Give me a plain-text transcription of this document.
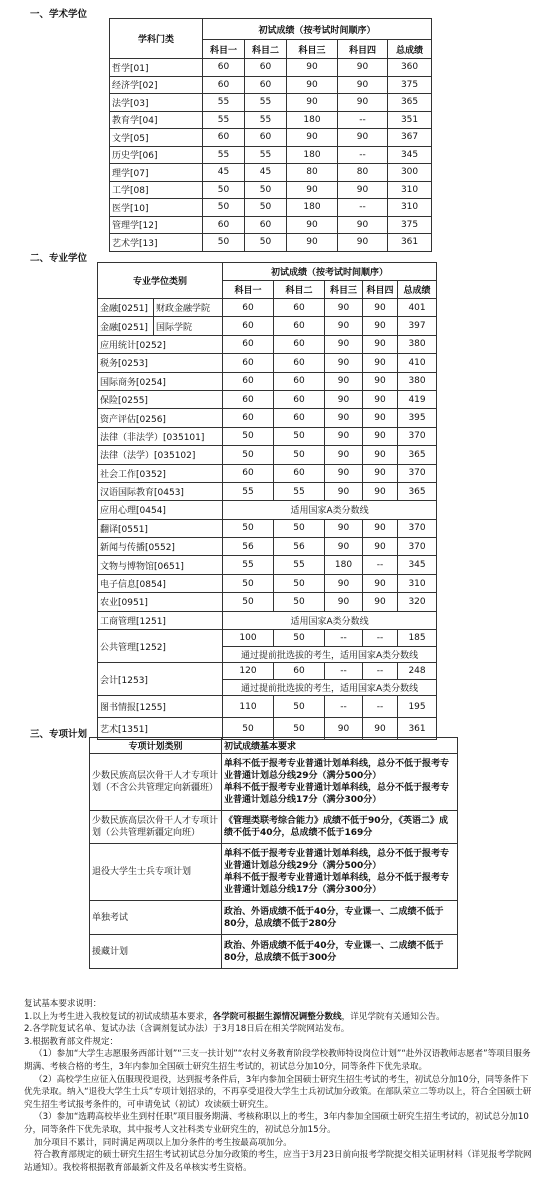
一、学术学位
学科门类	初试成绩（按考试时间顺序）				
	科目一	科目二	科目三	科目四	总成绩
哲学[01]	60	60	90	90	360
经济学[02]	60	60	90	90	375
法学[03]	55	55	90	90	365
教育学[04]	55	55	180	--	351
文学[05]	60	60	90	90	367
历史学[06]	55	55	180	--	345
理学[07]	45	45	80	80	300
工学[08]	50	50	90	90	310
医学[10]	50	50	180	--	310
管理学[12]	60	60	90	90	375
艺术学[13]	50	50	90	90	361
二、专业学位
专业学位类别		初试成绩（按考试时间顺序）				
		科目一	科目二	科目三	科目四	总成绩
金融[0251]	财政金融学院	60	60	90	90	401
金融[0251]	国际学院	60	60	90	90	397
应用统计[0252]		60	60	90	90	380
税务[0253]		60	60	90	90	410
国际商务[0254]		60	60	90	90	380
保险[0255]		60	60	90	90	419
资产评估[0256]		60	60	90	90	395
法律（非法学）[035101]		50	50	90	90	370
法律（法学）[035102]		50	50	90	90	365
社会工作[0352]		60	60	90	90	370
汉语国际教育[0453]		55	55	90	90	365
应用心理[0454]		适用国家A类分数线				
翻译[0551]		50	50	90	90	370
新闻与传播[0552]		56	56	90	90	370
文物与博物馆[0651]		55	55	180	--	345
电子信息[0854]		50	50	90	90	310
农业[0951]		50	50	90	90	320
工商管理[1251]		适用国家A类分数线				
公共管理[1252]		100	50	--	--	185
		通过提前批选拔的考生，适用国家A类分数线				
会计[1253]		120	60	--	--	248
		通过提前批选拔的考生，适用国家A类分数线				
图书情报[1255]		110	50	--	--	195
艺术[1351]		50	50	90	90	361
三、专项计划
专项计划类别	初试成绩基本要求
少数民族高层次骨干人才专项计划（不含公共管理定向新疆班）	单科不低于报考专业普通计划单科线，总分不低于报考专业普通计划总分线29分（满分500分）
单科不低于报考专业普通计划单科线，总分不低于报考专业普通计划总分线17分（满分300分）

少数民族高层次骨干人才专项计划（公共管理新疆定向班）	《管理类联考综合能力》成绩不低于90分，《英语二》成绩不低于40分，总成绩不低于169分

退役大学生士兵专项计划	单科不低于报考专业普通计划单科线，总分不低于报考专业普通计划总分线29分（满分500分）
单科不低于报考专业普通计划单科线，总分不低于报考专业普通计划总分线17分（满分300分）

单独考试	政治、外语成绩不低于40分，专业课一、二成绩不低于80分，总成绩不低于280分

援藏计划	政治、外语成绩不低于40分，专业课一、二成绩不低于80分，总成绩不低于300分

复试基本要求说明：

1.以上为考生进入我校复试的初试成绩基本要求，各学院可根据生源情况调整分数线，详见学院有关通知公告。

2.各学院复试名单、复试办法（含调剂复试办法）于3月18日后在相关学院网站发布。

3.根据教育部文件规定：

（1）参加“大学生志愿服务西部计划”“三支一扶计划”“农村义务教育阶段学校教师特设岗位计划”“赴外汉语教师志愿者”等项目服务期满、考核合格的考生，3年内参加全国硕士研究生招生考试的，初试总分加10分，同等条件下优先录取。

（2）高校学生应征入伍服现役退役，达到报考条件后，3年内参加全国硕士研究生招生考试的考生，初试总分加10分，同等条件下优先录取。纳入“退役大学生士兵”专项计划招录的，不再享受退役大学生士兵初试加分政策。在部队荣立二等功以上，符合全国硕士研究生招生考试报考条件的，可申请免试（初试）攻读硕士研究生。

（3）参加“选聘高校毕业生到村任职”项目服务期满、考核称职以上的考生，3年内参加全国硕士研究生招生考试的，初试总分加10分，同等条件下优先录取，其中报考人文社科类专业研究生的，初试总分加15分。

加分项目不累计，同时满足两项以上加分条件的考生按最高项加分。

符合教育部规定的硕士研究生招生考试初试总分加分政策的考生，应当于3月23日前向报考学院提交相关证明材料（详见报考学院网站通知）。我校将根据教育部最新文件及名单核实考生资格。
